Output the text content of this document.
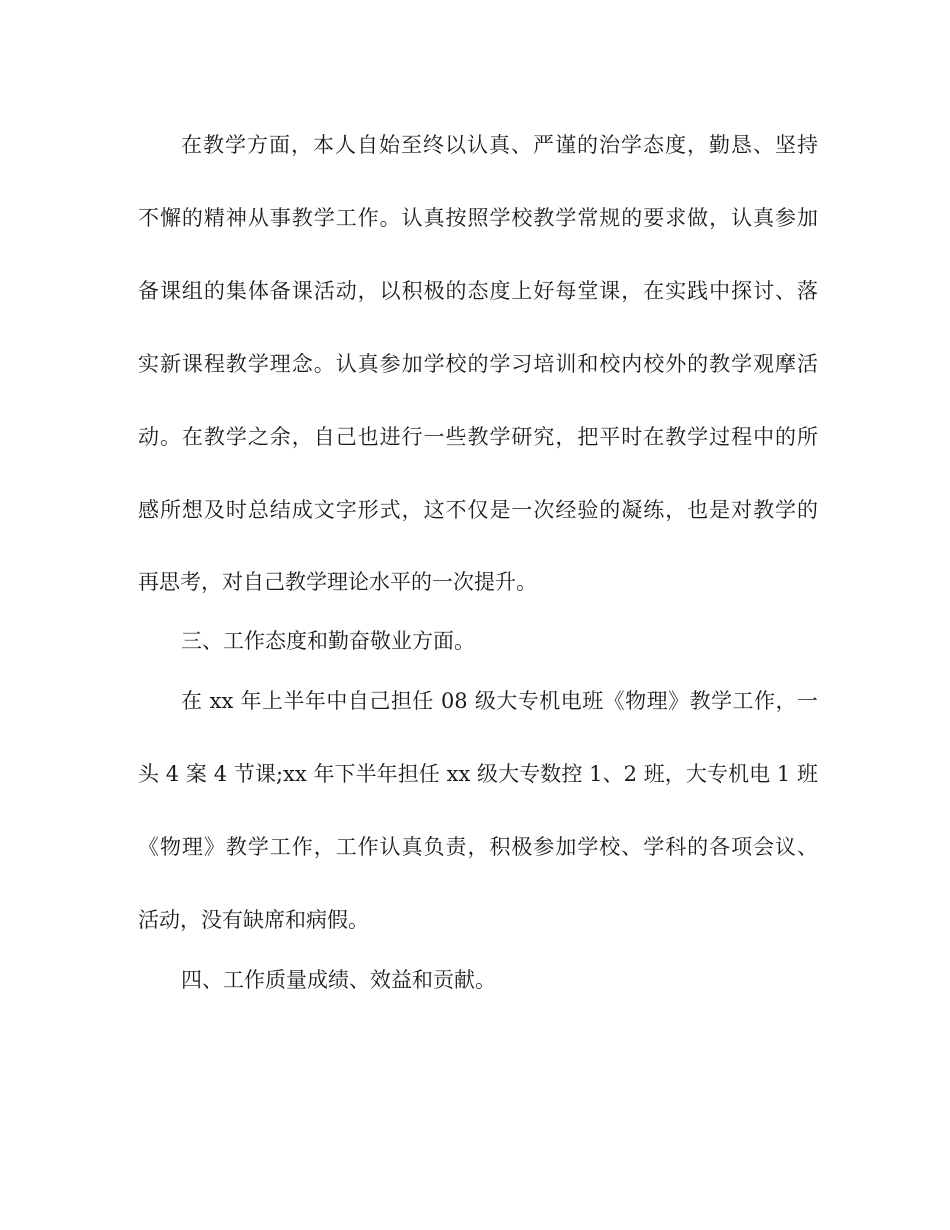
在教学方面，本人自始至终以认真、严谨的治学态度，勤恳、坚持

不懈的精神从事教学工作。认真按照学校教学常规的要求做，认真参加

备课组的集体备课活动，以积极的态度上好每堂课，在实践中探讨、落

实新课程教学理念。认真参加学校的学习培训和校内校外的教学观摩活

动。在教学之余，自己也进行一些教学研究，把平时在教学过程中的所

感所想及时总结成文字形式，这不仅是一次经验的凝练，也是对教学的

再思考，对自己教学理论水平的一次提升。

三、工作态度和勤奋敬业方面。

在 xx 年上半年中自己担任 08 级大专机电班《物理》教学工作，一

头 4 案 4 节课;xx 年下半年担任 xx 级大专数控 1、2 班，大专机电 1 班

《物理》教学工作，工作认真负责，积极参加学校、学科的各项会议、

活动，没有缺席和病假。

四、工作质量成绩、效益和贡献。
